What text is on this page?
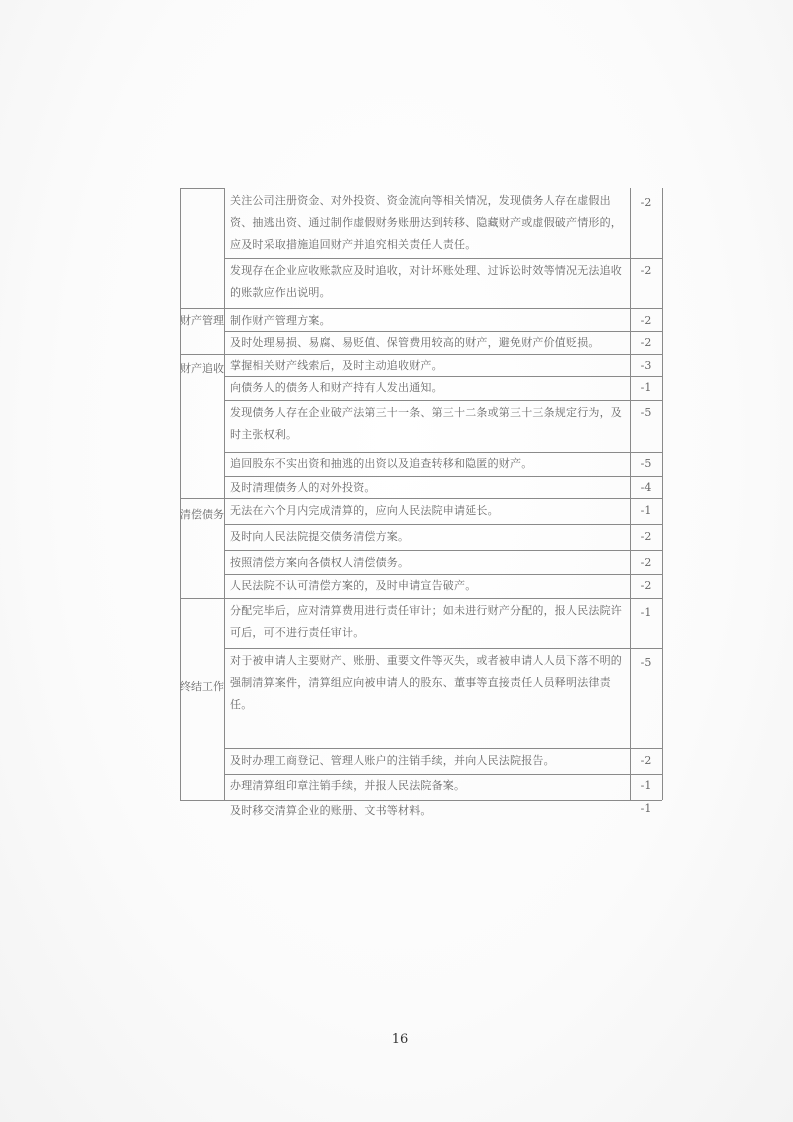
财产管理
财产追收
清偿债务
终结工作
关注公司注册资金、对外投资、资金流向等相关情况，发现债务人存在虚假出资、抽逃出资、通过制作虚假财务账册达到转移、隐藏财产或虚假破产情形的，应及时采取措施追回财产并追究相关责任人责任。
发现存在企业应收账款应及时追收，对计坏账处理、过诉讼时效等情况无法追收的账款应作出说明。
制作财产管理方案。
及时处理易损、易腐、易贬值、保管费用较高的财产，避免财产价值贬损。
掌握相关财产线索后，及时主动追收财产。
向债务人的债务人和财产持有人发出通知。
发现债务人存在企业破产法第三十一条、第三十二条或第三十三条规定行为，及时主张权利。
追回股东不实出资和抽逃的出资以及追查转移和隐匿的财产。
及时清理债务人的对外投资。
无法在六个月内完成清算的，应向人民法院申请延长。
及时向人民法院提交债务清偿方案。
按照清偿方案向各债权人清偿债务。
人民法院不认可清偿方案的，及时申请宣告破产。
分配完毕后，应对清算费用进行责任审计；如未进行财产分配的，报人民法院许可后，可不进行责任审计。
对于被申请人主要财产、账册、重要文件等灭失，或者被申请人人员下落不明的强制清算案件，清算组应向被申请人的股东、董事等直接责任人员释明法律责任。
及时办理工商登记、管理人账户的注销手续，并向人民法院报告。
办理清算组印章注销手续，并报人民法院备案。
及时移交清算企业的账册、文书等材料。
-2
-2
-2
-2
-3
-1
-5
-5
-4
-1
-2
-2
-2
-1
-5
-2
-1
-1
16
